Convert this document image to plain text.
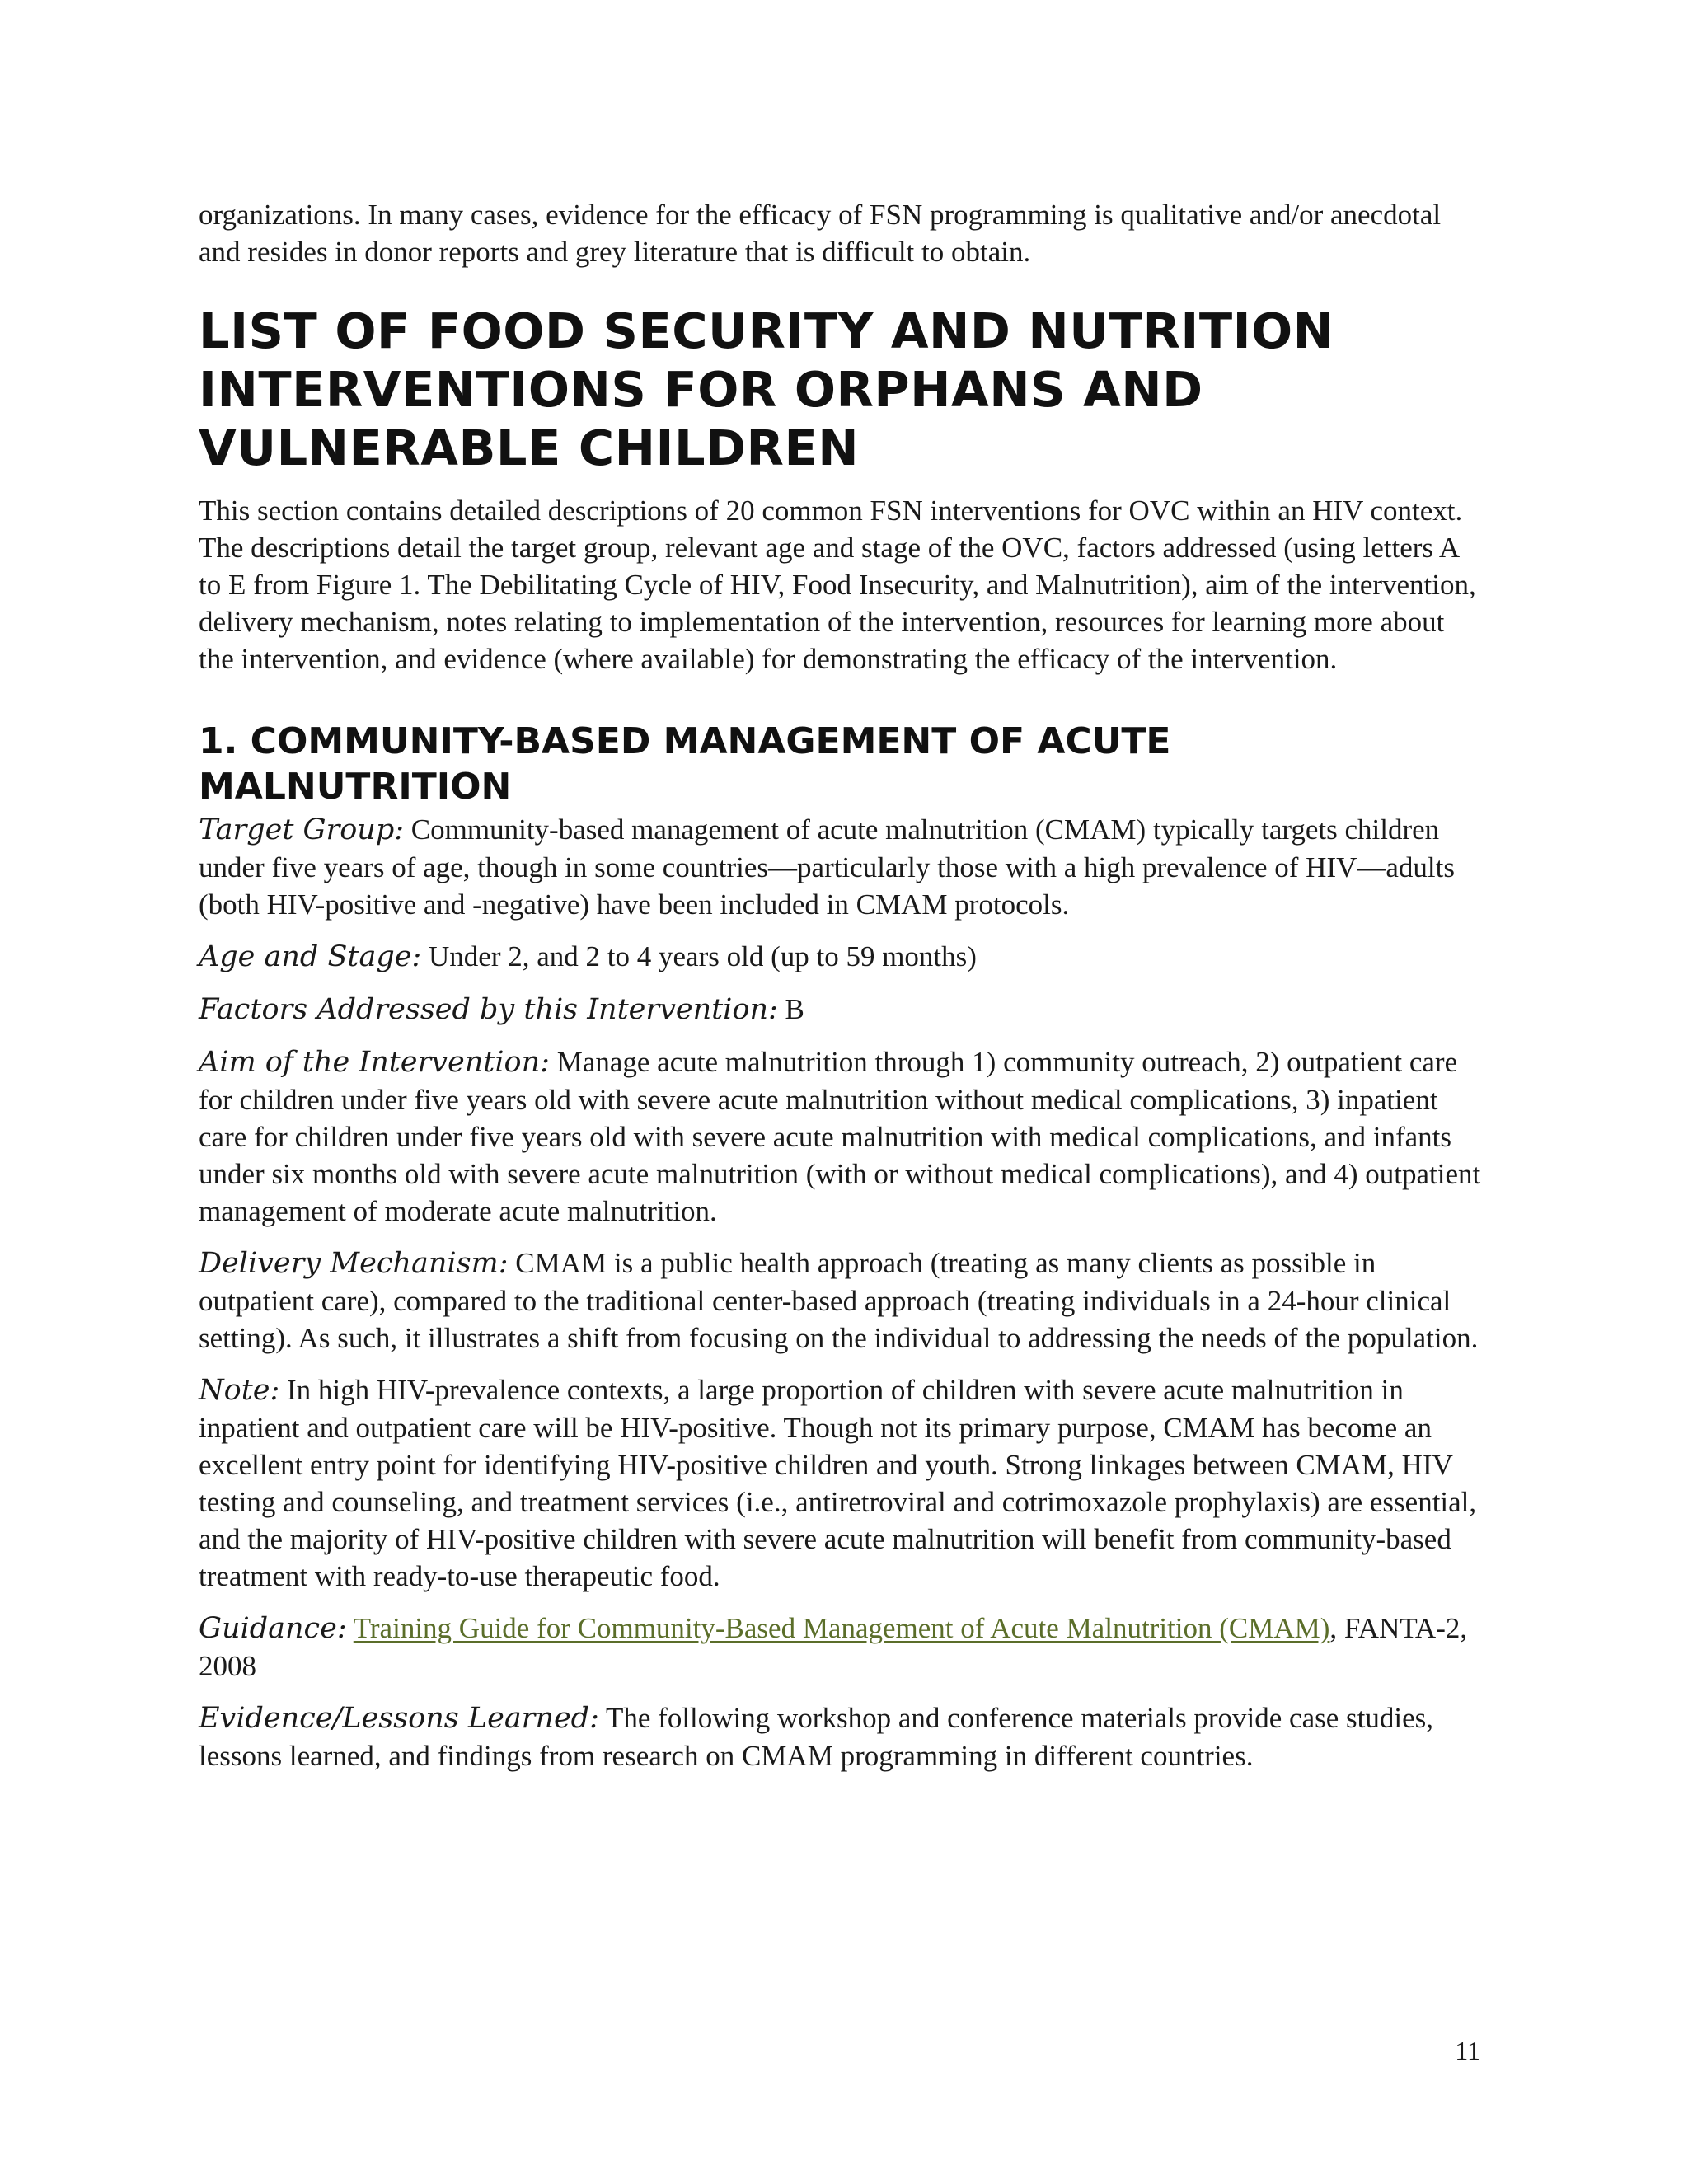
organizations. In many cases, evidence for the efficacy of FSN programming is qualitative and/or anecdotal and resides in donor reports and grey literature that is difficult to obtain.

LIST OF FOOD SECURITY AND NUTRITION INTERVENTIONS FOR ORPHANS AND VULNERABLE CHILDREN

This section contains detailed descriptions of 20 common FSN interventions for OVC within an HIV context. The descriptions detail the target group, relevant age and stage of the OVC, factors addressed (using letters A to E from Figure 1. The Debilitating Cycle of HIV, Food Insecurity, and Malnutrition), aim of the intervention, delivery mechanism, notes relating to implementation of the intervention, resources for learning more about the intervention, and evidence (where available) for demonstrating the efficacy of the intervention.

1. COMMUNITY-BASED MANAGEMENT OF ACUTE MALNUTRITION

Target Group: Community-based management of acute malnutrition (CMAM) typically targets children under five years of age, though in some countries—particularly those with a high prevalence of HIV—adults (both HIV-positive and -negative) have been included in CMAM protocols.

Age and Stage: Under 2, and 2 to 4 years old (up to 59 months)

Factors Addressed by this Intervention: B

Aim of the Intervention: Manage acute malnutrition through 1) community outreach, 2) outpatient care for children under five years old with severe acute malnutrition without medical complications, 3) inpatient care for children under five years old with severe acute malnutrition with medical complications, and infants under six months old with severe acute malnutrition (with or without medical complications), and 4) outpatient management of moderate acute malnutrition.

Delivery Mechanism: CMAM is a public health approach (treating as many clients as possible in outpatient care), compared to the traditional center-based approach (treating individuals in a 24-hour clinical setting). As such, it illustrates a shift from focusing on the individual to addressing the needs of the population.

Note: In high HIV-prevalence contexts, a large proportion of children with severe acute malnutrition in inpatient and outpatient care will be HIV-positive. Though not its primary purpose, CMAM has become an excellent entry point for identifying HIV-positive children and youth. Strong linkages between CMAM, HIV testing and counseling, and treatment services (i.e., antiretroviral and cotrimoxazole prophylaxis) are essential, and the majority of HIV-positive children with severe acute malnutrition will benefit from community-based treatment with ready-to-use therapeutic food.

Guidance: Training Guide for Community-Based Management of Acute Malnutrition (CMAM), FANTA-2, 2008

Evidence/Lessons Learned: The following workshop and conference materials provide case studies, lessons learned, and findings from research on CMAM programming in different countries.

11
